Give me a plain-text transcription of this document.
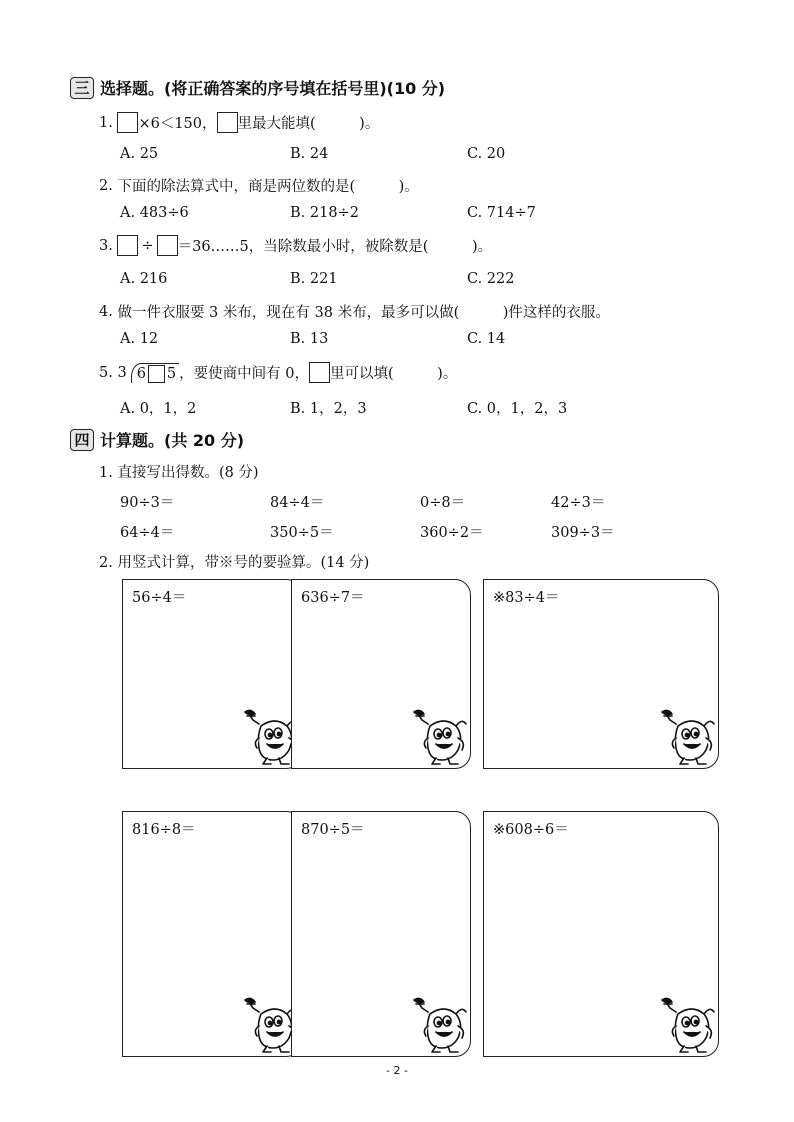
三 选择题。(将正确答案的序号填在括号里)(10 分)
1.
×6＜150， 里最大能填(　　　)。
A. 25	B. 24	C. 20
2.
下面的除法算式中，商是两位数的是(　　　)。
A. 483÷6	B. 218÷2	C. 714÷7
3.
÷ ＝36……5，当除数最小时，被除数是(　　　)。
A. 216	B. 221	C. 222
4.
做一件衣服要 3 米布，现在有 38 米布，最多可以做(　　　)件这样的衣服。
A. 12	B. 13	C. 14
5.
3 6 5 ，要使商中间有 0， 里可以填(　　　)。
A. 0，1，2	B. 1，2，3	C. 0，1，2，3
四 计算题。(共 20 分)
1. 直接写出得数。(8 分)
90÷3＝	84÷4＝	0÷8＝	42÷3＝
64÷4＝	350÷5＝	360÷2＝	309÷3＝
2. 用竖式计算，带※号的要验算。(14 分)
56÷4＝	636÷7＝	※83÷4＝
816÷8＝	870÷5＝	※608÷6＝
- 2 -
